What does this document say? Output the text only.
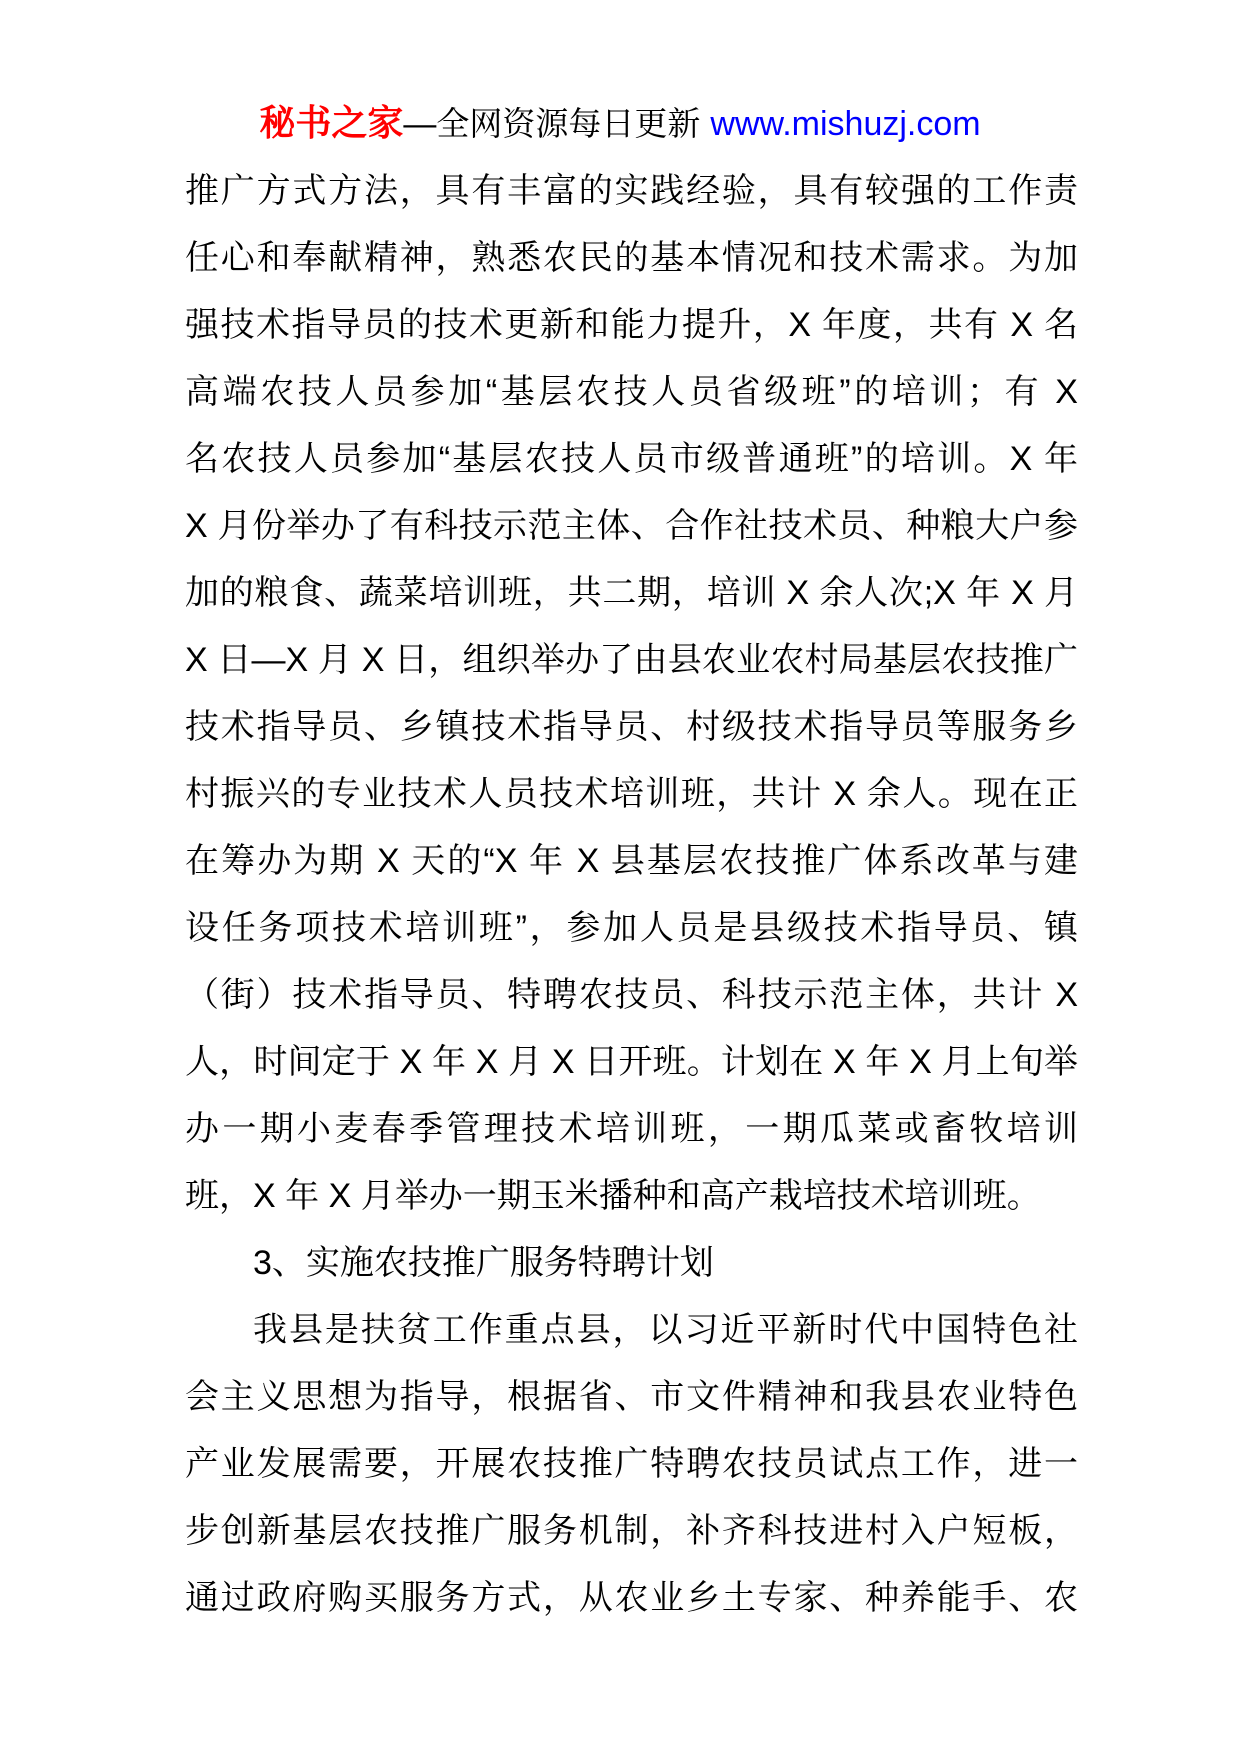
秘书之家—全网资源每日更新 www.mishuzj.com
推广方式方法，具有丰富的实践经验，具有较强的工作责
任心和奉献精神，熟悉农民的基本情况和技术需求。为加
强技术指导员的技术更新和能力提升，X 年度，共有 X 名
高端农技人员参加“基层农技人员省级班”的培训；有 X
名农技人员参加“基层农技人员市级普通班”的培训。X 年
X 月份举办了有科技示范主体、合作社技术员、种粮大户参
加的粮食、蔬菜培训班，共二期，培训 X 余人次;X 年 X 月
X 日—X 月 X 日，组织举办了由县农业农村局基层农技推广
技术指导员、乡镇技术指导员、村级技术指导员等服务乡
村振兴的专业技术人员技术培训班，共计 X 余人。现在正
在筹办为期 X 天的“X 年 X 县基层农技推广体系改革与建
设任务项技术培训班”，参加人员是县级技术指导员、镇
（街）技术指导员、特聘农技员、科技示范主体，共计 X
人，时间定于 X 年 X 月 X 日开班。计划在 X 年 X 月上旬举
办一期小麦春季管理技术培训班，一期瓜菜或畜牧培训
班，X 年 X 月举办一期玉米播种和高产栽培技术培训班。
3、实施农技推广服务特聘计划
我县是扶贫工作重点县，以习近平新时代中国特色社
会主义思想为指导，根据省、市文件精神和我县农业特色
产业发展需要，开展农技推广特聘农技员试点工作，进一
步创新基层农技推广服务机制，补齐科技进村入户短板，
通过政府购买服务方式，从农业乡土专家、种养能手、农
